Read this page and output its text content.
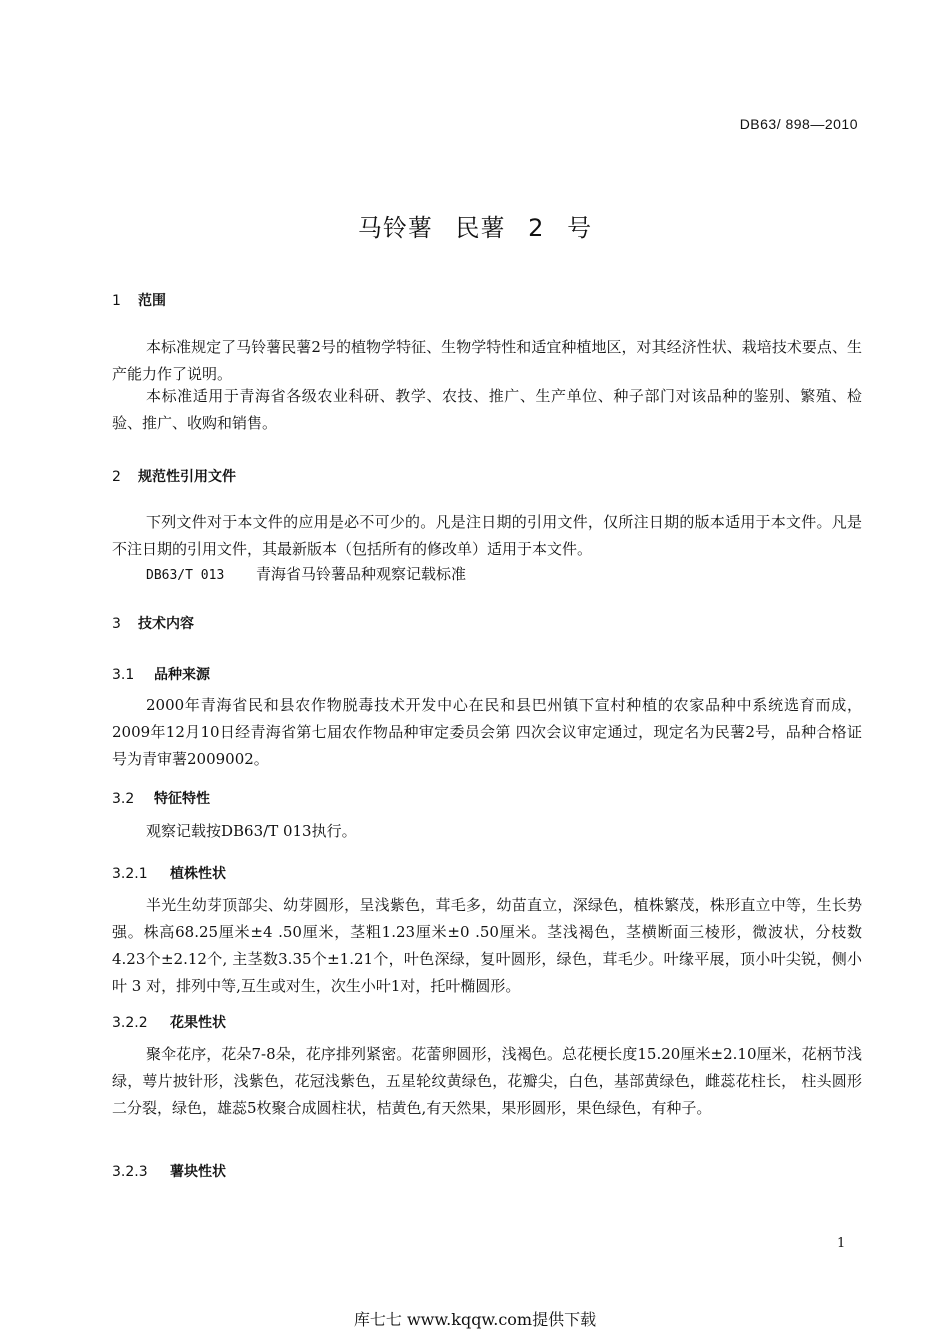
DB63/ 898—2010
马铃薯 民薯 2 号
1 范围
本标准规定了马铃薯民薯2号的植物学特征、生物学特性和适宜种植地区，对其经济性状、栽培技术要点、生产能力作了说明。
本标准适用于青海省各级农业科研、教学、农技、推广、生产单位、种子部门对该品种的鉴别、繁殖、检验、推广、收购和销售。
2 规范性引用文件
下列文件对于本文件的应用是必不可少的。凡是注日期的引用文件，仅所注日期的版本适用于本文件。凡是不注日期的引用文件，其最新版本（包括所有的修改单）适用于本文件。
DB63/T 013 青海省马铃薯品种观察记载标准
3 技术内容
3.1 品种来源
2000年青海省民和县农作物脱毒技术开发中心在民和县巴州镇下宣村种植的农家品种中系统选育而成，2009年12月10日经青海省第七届农作物品种审定委员会第 四次会议审定通过，现定名为民薯2号，品种合格证号为青审薯2009002。
3.2 特征特性
观察记载按DB63/T 013执行。
3.2.1 植株性状
半光生幼芽顶部尖、幼芽圆形，呈浅紫色，茸毛多，幼苗直立，深绿色，植株繁茂，株形直立中等，生长势强。株高68.25厘米±4 .50厘米，茎粗1.23厘米±0 .50厘米。茎浅褐色，茎横断面三棱形，微波状，分枝数4.23个±2.12个, 主茎数3.35个±1.21个，叶色深绿，复叶圆形，绿色，茸毛少。叶缘平展，顶小叶尖锐，侧小叶 3 对，排列中等,互生或对生，次生小叶1对，托叶椭圆形。
3.2.2 花果性状
聚伞花序，花朵7-8朵，花序排列紧密。花蕾卵圆形，浅褐色。总花梗长度15.20厘米±2.10厘米，花柄节浅绿，萼片披针形，浅紫色，花冠浅紫色，五星轮纹黄绿色，花瓣尖，白色，基部黄绿色，雌蕊花柱长， 柱头圆形二分裂，绿色，雄蕊5枚聚合成圆柱状，桔黄色,有天然果，果形圆形，果色绿色，有种子。
3.2.3 薯块性状
1
库七七 www.kqqw.com提供下载
